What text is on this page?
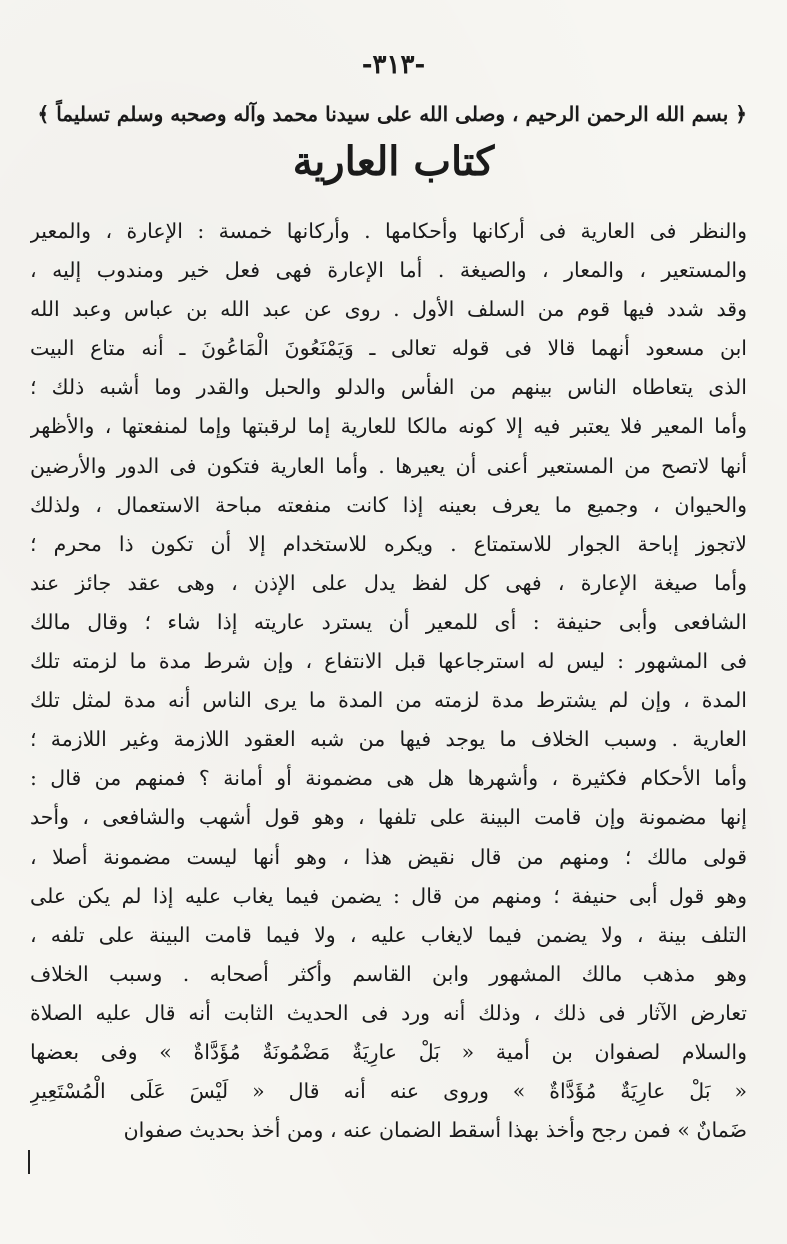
-٣١٣-
﴿ بسم الله الرحمن الرحيم ، وصلى الله على سيدنا محمد وآله وصحبه وسلم تسليماً ﴾
كتاب العارية
والنظر فى العارية فى أركانها وأحكامها . وأركانها خمسة : الإعارة ، والمعير
والمستعير ، والمعار ، والصيغة . أما الإعارة فهى فعل خير ومندوب إليه ،
وقد شدد فيها قوم من السلف الأول . روى عن عبد الله بن عباس وعبد الله
ابن مسعود أنهما قالا فى قوله تعالى ـ وَيَمْنَعُونَ الْمَاعُونَ ـ أنه متاع البيت
الذى يتعاطاه الناس بينهم من الفأس والدلو والحبل والقدر وما أشبه ذلك ؛
وأما المعير فلا يعتبر فيه إلا كونه مالكا للعارية إما لرقبتها وإما لمنفعتها ، والأظهر
أنها لاتصح من المستعير أعنى أن يعيرها . وأما العارية فتكون فى الدور والأرضين
والحيوان ، وجميع ما يعرف بعينه إذا كانت منفعته مباحة الاستعمال ، ولذلك
لاتجوز إباحة الجوار للاستمتاع . ويكره للاستخدام إلا أن تكون ذا محرم ؛
وأما صيغة الإعارة ، فهى كل لفظ يدل على الإذن ، وهى عقد جائز عند
الشافعى وأبى حنيفة : أى للمعير أن يسترد عاريته إذا شاء ؛ وقال مالك
فى المشهور : ليس له استرجاعها قبل الانتفاع ، وإن شرط مدة ما لزمته تلك
المدة ، وإن لم يشترط مدة لزمته من المدة ما يرى الناس أنه مدة لمثل تلك
العارية . وسبب الخلاف ما يوجد فيها من شبه العقود اللازمة وغير اللازمة ؛
وأما الأحكام فكثيرة ، وأشهرها هل هى مضمونة أو أمانة ؟ فمنهم من قال :
إنها مضمونة وإن قامت البينة على تلفها ، وهو قول أشهب والشافعى ، وأحد
قولى مالك ؛ ومنهم من قال نقيض هذا ، وهو أنها ليست مضمونة أصلا ،
وهو قول أبى حنيفة ؛ ومنهم من قال : يضمن فيما يغاب عليه إذا لم يكن على
التلف بينة ، ولا يضمن فيما لايغاب عليه ، ولا فيما قامت البينة على تلفه ،
وهو مذهب مالك المشهور وابن القاسم وأكثر أصحابه . وسبب الخلاف
تعارض الآثار فى ذلك ، وذلك أنه ورد فى الحديث الثابت أنه قال عليه الصلاة
والسلام لصفوان بن أمية « بَلْ عارِيَةٌ مَضْمُونَةٌ مُؤَدَّاةٌ » وفى بعضها
« بَلْ عارِيَةٌ مُؤَدَّاةٌ » وروى عنه أنه قال « لَيْسَ عَلَى الْمُسْتَعِيرِ
ضَمانٌ » فمن رجح وأخذ بهذا أسقط الضمان عنه ، ومن أخذ بحديث صفوان
